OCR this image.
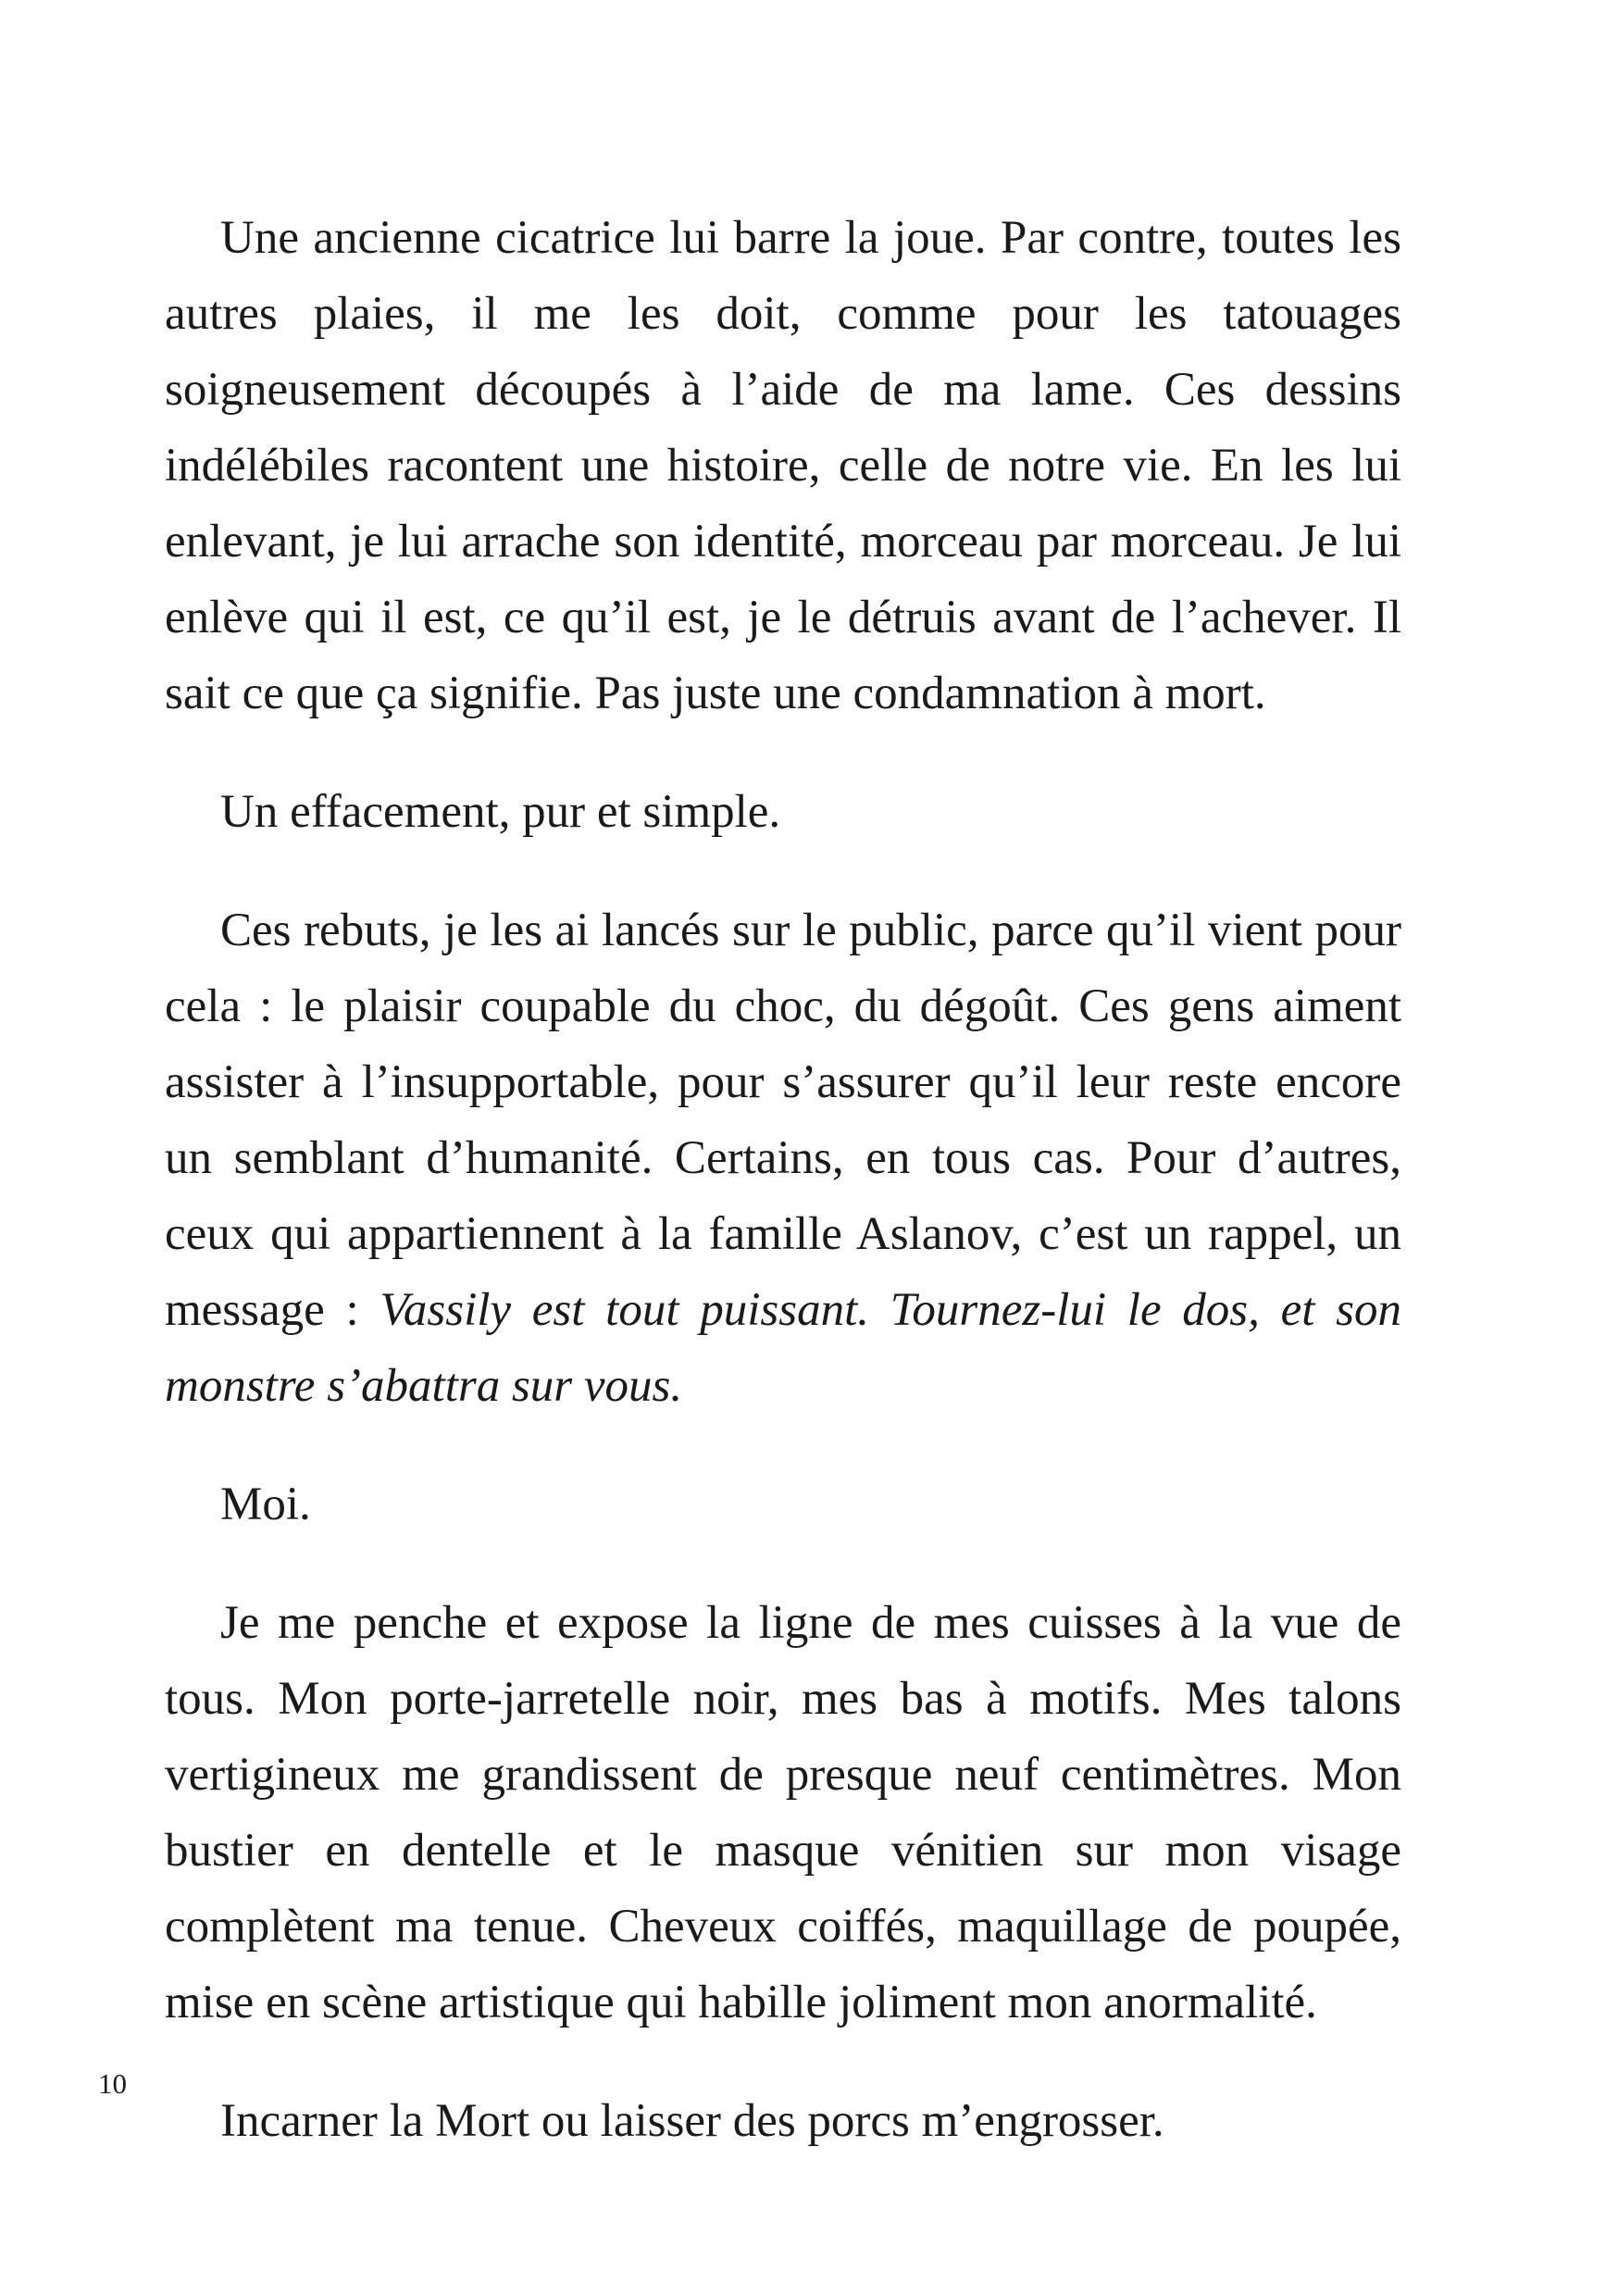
Une ancienne cicatrice lui barre la joue. Par contre, toutes les autres plaies, il me les doit, comme pour les tatouages soigneusement découpés à l’aide de ma lame. Ces dessins indélébiles racontent une histoire, celle de notre vie. En les lui enlevant, je lui arrache son identité, morceau par morceau. Je lui enlève qui il est, ce qu’il est, je le détruis avant de l’achever. Il sait ce que ça signifie. Pas juste une condamnation à mort.

Un effacement, pur et simple.

Ces rebuts, je les ai lancés sur le public, parce qu’il vient pour cela : le plaisir coupable du choc, du dégoût. Ces gens aiment assister à l’insupportable, pour s’assurer qu’il leur reste encore un semblant d’humanité. Certains, en tous cas. Pour d’autres, ceux qui appartiennent à la famille Aslanov, c’est un rappel, un message : Vassily est tout puissant. Tournez-lui le dos, et son monstre s’abattra sur vous.

Moi.

Je me penche et expose la ligne de mes cuisses à la vue de tous. Mon porte-jarretelle noir, mes bas à motifs. Mes talons vertigineux me grandissent de presque neuf centimètres. Mon bustier en dentelle et le masque vénitien sur mon visage complètent ma tenue. Cheveux coiffés, maquillage de poupée, mise en scène artistique qui habille joliment mon anormalité.

Incarner la Mort ou laisser des porcs m’engrosser.

10
